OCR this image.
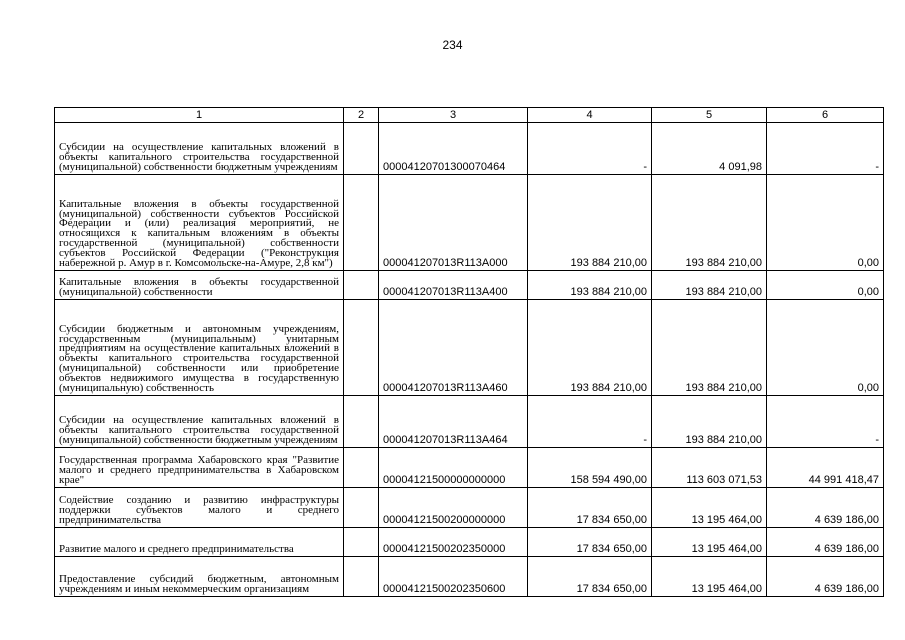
234
1	2	3	4	5	6
Субсидии на осуществление капитальных вложений в объекты капитального строительства государственной (муниципальной) собственности бюджетным учреждениям		00004120701300070464	-	4 091,98	-
Капитальные вложения в объекты государственной (муниципальной) собственности субъектов Российской Федерации и (или) реализация мероприятий, не относящихся к капитальным вложениям в объекты государственной (муниципальной) собственности субъектов Российской Федерации ("Реконструкция набережной р. Амур в г. Комсомольске-на-Амуре, 2,8 км")		000041207013R113A000	193 884 210,00	193 884 210,00	0,00
Капитальные вложения в объекты государственной (муниципальной) собственности		000041207013R113A400	193 884 210,00	193 884 210,00	0,00
Субсидии бюджетным и автономным учреждениям, государственным (муниципальным) унитарным предприятиям на осуществление капитальных вложений в объекты капитального строительства государственной (муниципальной) собственности или приобретение объектов недвижимого имущества в государственную (муниципальную) собственность		000041207013R113A460	193 884 210,00	193 884 210,00	0,00
Субсидии на осуществление капитальных вложений в объекты капитального строительства государственной (муниципальной) собственности бюджетным учреждениям		000041207013R113A464	-	193 884 210,00	-
Государственная программа Хабаровского края "Развитие малого и среднего предпринимательства в Хабаровском крае"		00004121500000000000	158 594 490,00	113 603 071,53	44 991 418,47
Содействие созданию и развитию инфраструктуры поддержки субъектов малого и среднего предпринимательства		00004121500200000000	17 834 650,00	13 195 464,00	4 639 186,00
Развитие малого и среднего предпринимательства		00004121500202350000	17 834 650,00	13 195 464,00	4 639 186,00
Предоставление субсидий бюджетным, автономным учреждениям и иным некоммерческим организациям		00004121500202350600	17 834 650,00	13 195 464,00	4 639 186,00
